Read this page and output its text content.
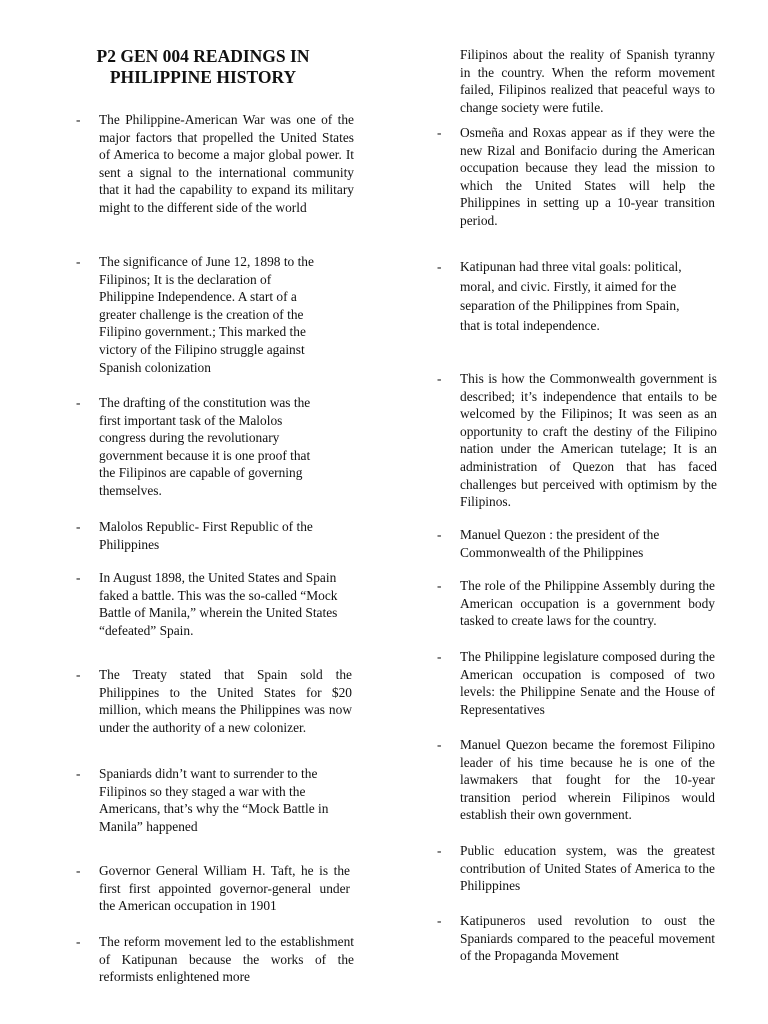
P2 GEN 004 READINGS IN
PHILIPPINE HISTORY
- The Philippine-American War was one of the major factors that propelled the United States of America to become a major global power. It sent a signal to the international community that it had the capability to expand its military might to the different side of the world
- The significance of June 12, 1898 to the Filipinos; It is the declaration of Philippine Independence. A start of a greater challenge is the creation of the Filipino government.; This marked the victory of the Filipino struggle against Spanish colonization
- The drafting of the constitution was the first important task of the Malolos congress during the revolutionary government because it is one proof that the Filipinos are capable of governing themselves.
- Malolos Republic- First Republic of the Philippines
- In August 1898, the United States and Spain faked a battle. This was the so-called “Mock Battle of Manila,” wherein the United States “defeated” Spain.
- The Treaty stated that Spain sold the Philippines to the United States for $20 million, which means the Philippines was now under the authority of a new colonizer.
- Spaniards didn’t want to surrender to the Filipinos so they staged a war with the Americans, that’s why the “Mock Battle in Manila” happened
- Governor General William H. Taft, he is the first first appointed governor-general under the American occupation in 1901
- The reform movement led to the establishment of Katipunan because the works of the reformists enlightened more
Filipinos about the reality of Spanish tyranny in the country. When the reform movement failed, Filipinos realized that peaceful ways to change society were futile.
- Osmeña and Roxas appear as if they were the new Rizal and Bonifacio during the American occupation because they lead the mission to which the United States will help the Philippines in setting up a 10-year transition period.
- Katipunan had three vital goals: political, moral, and civic. Firstly, it aimed for the separation of the Philippines from Spain, that is total independence.
- This is how the Commonwealth government is described; it’s independence that entails to be welcomed by the Filipinos; It was seen as an opportunity to craft the destiny of the Filipino nation under the American tutelage; It is an administration of Quezon that has faced challenges but perceived with optimism by the Filipinos.
- Manuel Quezon : the president of the Commonwealth of the Philippines
- The role of the Philippine Assembly during the American occupation is a government body tasked to create laws for the country.
- The Philippine legislature composed during the American occupation is composed of two levels: the Philippine Senate and the House of Representatives
- Manuel Quezon became the foremost Filipino leader of his time because he is one of the lawmakers that fought for the 10-year transition period wherein Filipinos would establish their own government.
- Public education system, was the greatest contribution of United States of America to the Philippines
- Katipuneros used revolution to oust the Spaniards compared to the peaceful movement of the Propaganda Movement
